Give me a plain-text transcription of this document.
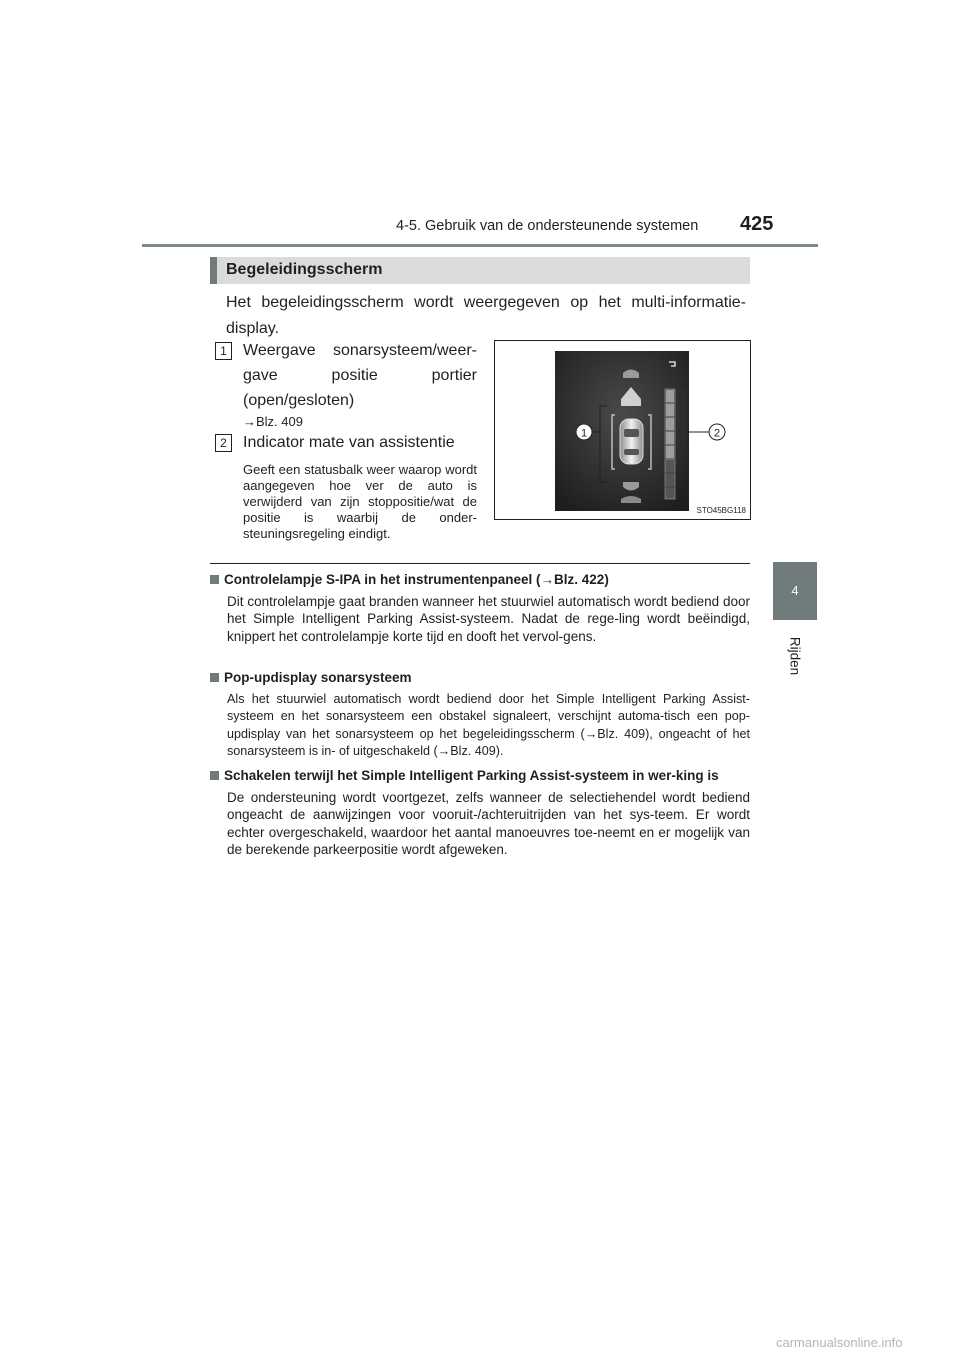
4-5. Gebruik van de ondersteunende systemen 425
4
Rijden
Begeleidingsscherm
Het begeleidingsscherm wordt weergegeven op het multi-informatie-display.
1	Weergave sonarsysteem/weer-gave positie portier (open/gesloten)
→Blz. 409
2	Indicator mate van assistentie
Geeft een statusbalk weer waarop wordt aangegeven hoe ver de auto is verwijderd van zijn stoppositie/wat de positie is waarbij de onder-steuningsregeling eindigt.
1	2
STO45BG118
Controlelampje S-IPA in het instrumentenpaneel (→Blz. 422)
Dit controlelampje gaat branden wanneer het stuurwiel automatisch wordt bediend door het Simple Intelligent Parking Assist-systeem. Nadat de rege-ling wordt beëindigd, knippert het controlelampje korte tijd en dooft het vervol-gens.
Pop-updisplay sonarsysteem
Als het stuurwiel automatisch wordt bediend door het Simple Intelligent Parking Assist-systeem en het sonarsysteem een obstakel signaleert, verschijnt automa-tisch een pop-updisplay van het sonarsysteem op het begeleidingsscherm (→Blz. 409), ongeacht of het sonarsysteem is in- of uitgeschakeld (→Blz. 409).
Schakelen terwijl het Simple Intelligent Parking Assist-systeem in wer-king is
De ondersteuning wordt voortgezet, zelfs wanneer de selectiehendel wordt bediend ongeacht de aanwijzingen voor vooruit-/achteruitrijden van het sys-teem. Er wordt echter overgeschakeld, waardoor het aantal manoeuvres toe-neemt en er mogelijk van de berekende parkeerpositie wordt afgeweken.
carmanualsonline.info
